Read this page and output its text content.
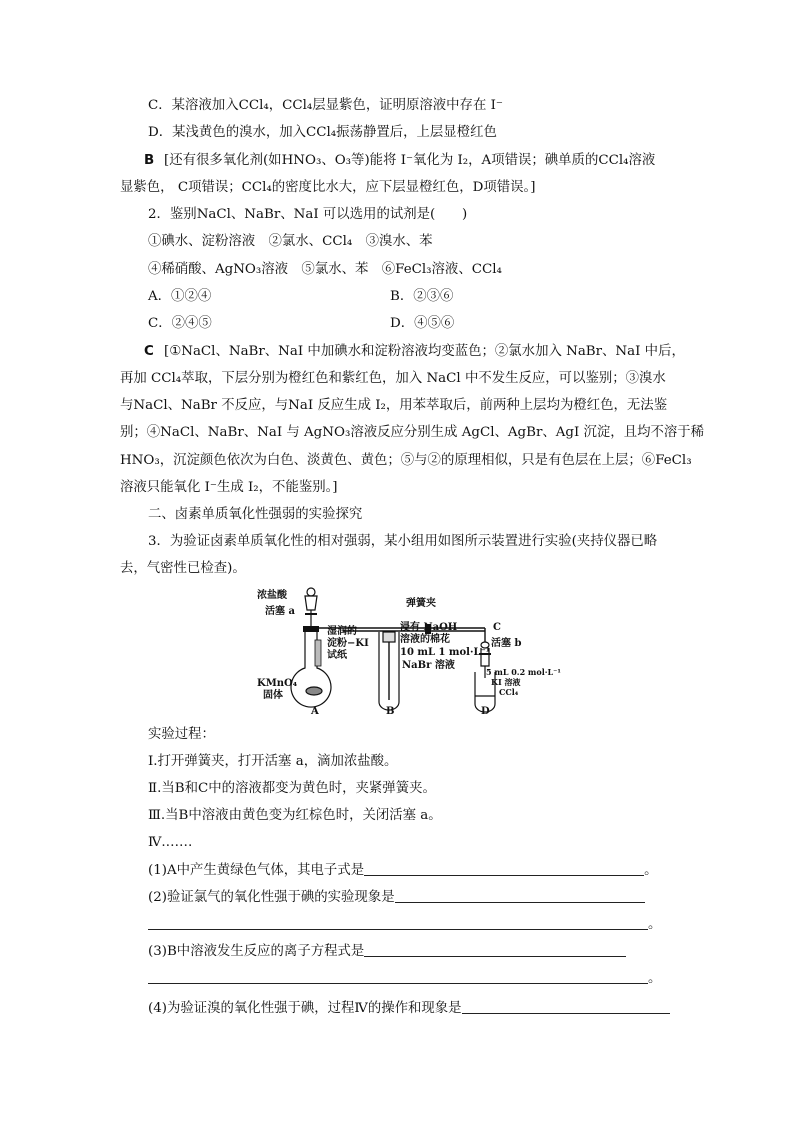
C．某溶液加入CCl₄，CCl₄层显紫色，证明原溶液中存在 I⁻
D．某浅黄色的溴水，加入CCl₄振荡静置后，上层显橙红色
B [还有很多氧化剂(如HNO₃、O₃等)能将 I⁻氧化为 I₂，A项错误；碘单质的CCl₄溶液
显紫色， C项错误；CCl₄的密度比水大，应下层显橙红色，D项错误。]
2．鉴别NaCl、NaBr、NaI 可以选用的试剂是(　　)
①碘水、淀粉溶液　②氯水、CCl₄　③溴水、苯
④稀硝酸、AgNO₃溶液　⑤氯水、苯　⑥FeCl₃溶液、CCl₄
A．①②④	B．②③⑥
C．②④⑤	D．④⑤⑥
C [①NaCl、NaBr、NaI 中加碘水和淀粉溶液均变蓝色；②氯水加入 NaBr、NaI 中后，
再加 CCl₄萃取，下层分别为橙红色和紫红色，加入 NaCl 中不发生反应，可以鉴别；③溴水
与NaCl、NaBr 不反应，与NaI 反应生成 I₂，用苯萃取后，前两种上层均为橙红色，无法鉴
别；④NaCl、NaBr、NaI 与 AgNO₃溶液反应分别生成 AgCl、AgBr、AgI 沉淀，且均不溶于稀
HNO₃，沉淀颜色依次为白色、淡黄色、黄色；⑤与②的原理相似，只是有色层在上层；⑥FeCl₃
溶液只能氧化 I⁻生成 I₂，不能鉴别。]
二、卤素单质氧化性强弱的实验探究
3．为验证卤素单质氧化性的相对强弱，某小组用如图所示装置进行实验(夹持仪器已略
去，气密性已检查)。
实验过程：
Ⅰ.打开弹簧夹，打开活塞 a，滴加浓盐酸。
Ⅱ.当B和C中的溶液都变为黄色时，夹紧弹簧夹。
Ⅲ.当B中溶液由黄色变为红棕色时，关闭活塞 a。
Ⅳ.……
(1)A中产生黄绿色气体，其电子式是	。
(2)验证氯气的氧化性强于碘的实验现象是
。
(3)B中溶液发生反应的离子方程式是
。
(4)为验证溴的氧化性强于碘，过程Ⅳ的操作和现象是
浓盐酸
活塞 a
弹簧夹
湿润的
淀粉−KI
试纸
浸有 NaOH
溶液的棉花
10 mL 1 mol·L⁻¹
NaBr 溶液
C
活塞 b
5 mL 0.2 mol·L⁻¹
KI 溶液
CCl₄
KMnO₄
固体
A	B	D
